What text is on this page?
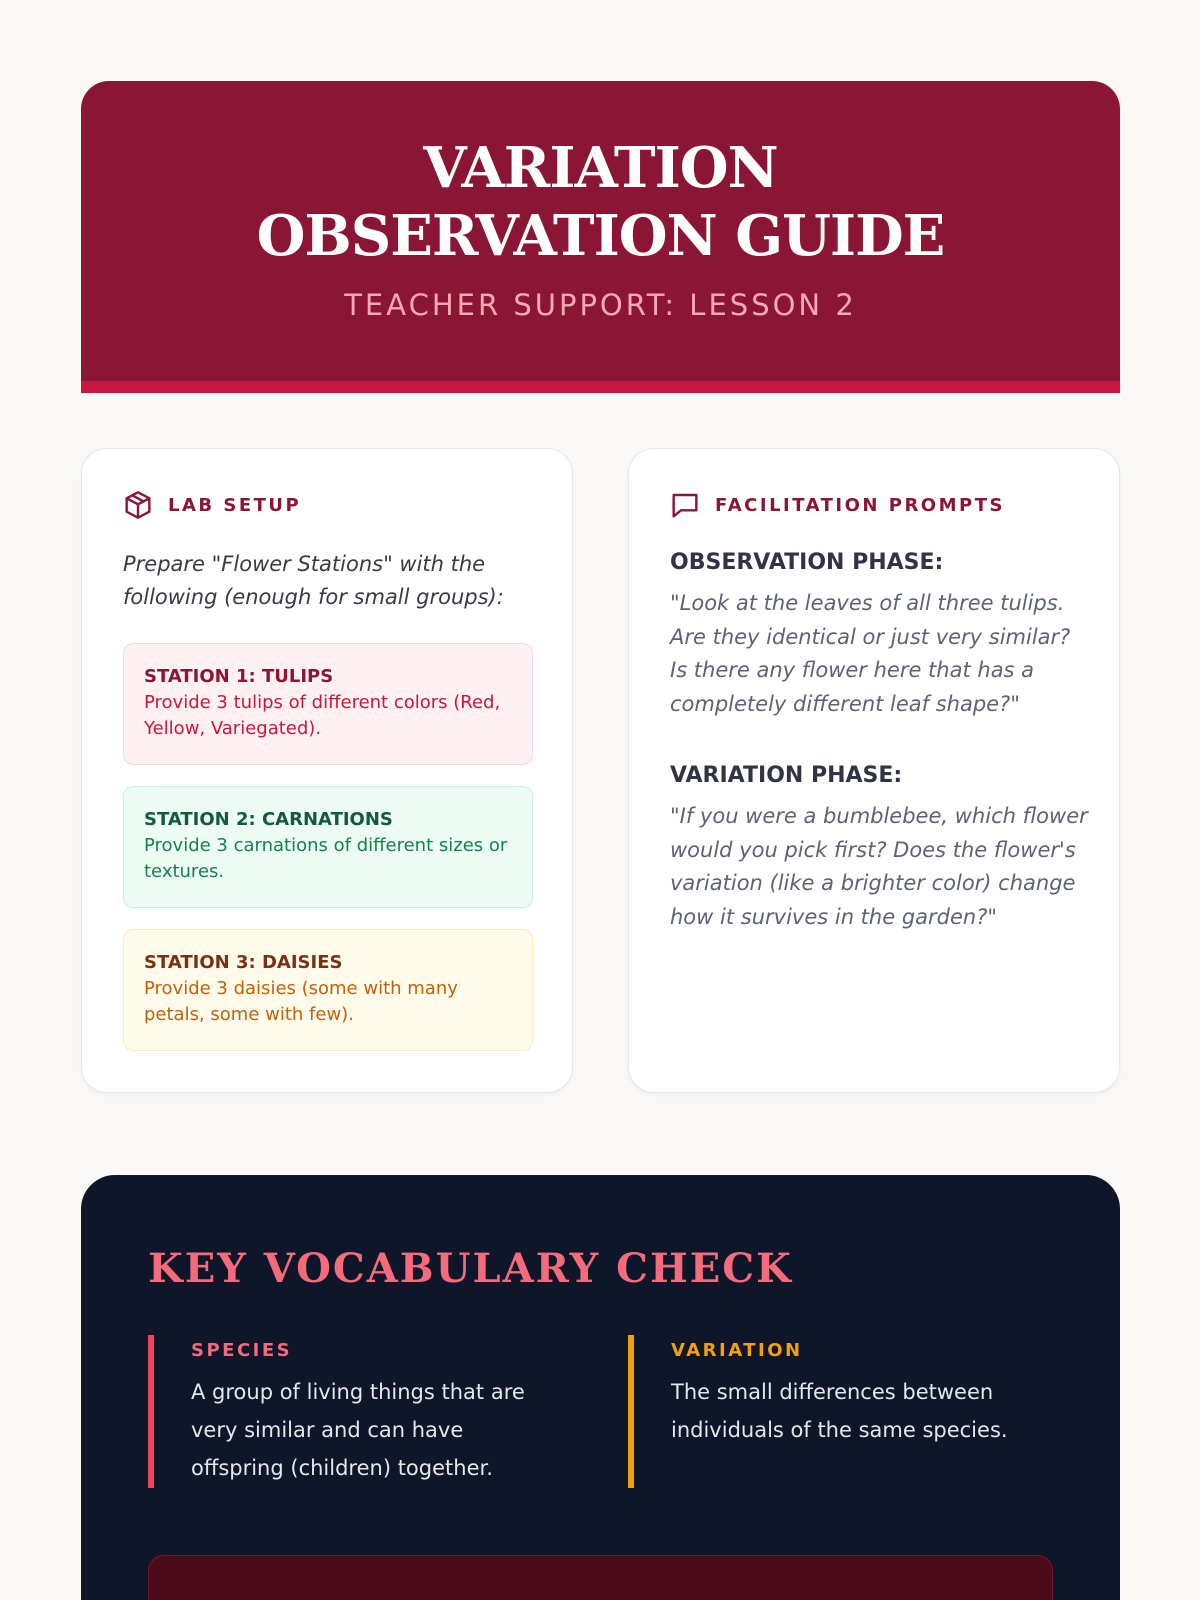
VARIATION OBSERVATION GUIDE
TEACHER SUPPORT: LESSON 2
LAB SETUP

Prepare "Flower Stations" with the following (enough for small groups):

STATION 1: TULIPS
Provide 3 tulips of different colors (Red, Yellow, Variegated).
STATION 2: CARNATIONS
Provide 3 carnations of different sizes or textures.
STATION 3: DAISIES
Provide 3 daisies (some with many petals, some with few).
FACILITATION PROMPTS
OBSERVATION PHASE:
"Look at the leaves of all three tulips. Are they identical or just very similar? Is there any flower here that has a completely different leaf shape?"
VARIATION PHASE:
"If you were a bumblebee, which flower would you pick first? Does the flower's variation (like a brighter color) change how it survives in the garden?"
KEY VOCABULARY CHECK
SPECIES
A group of living things that are very similar and can have offspring (children) together.
VARIATION
The small differences between individuals of the same species.
